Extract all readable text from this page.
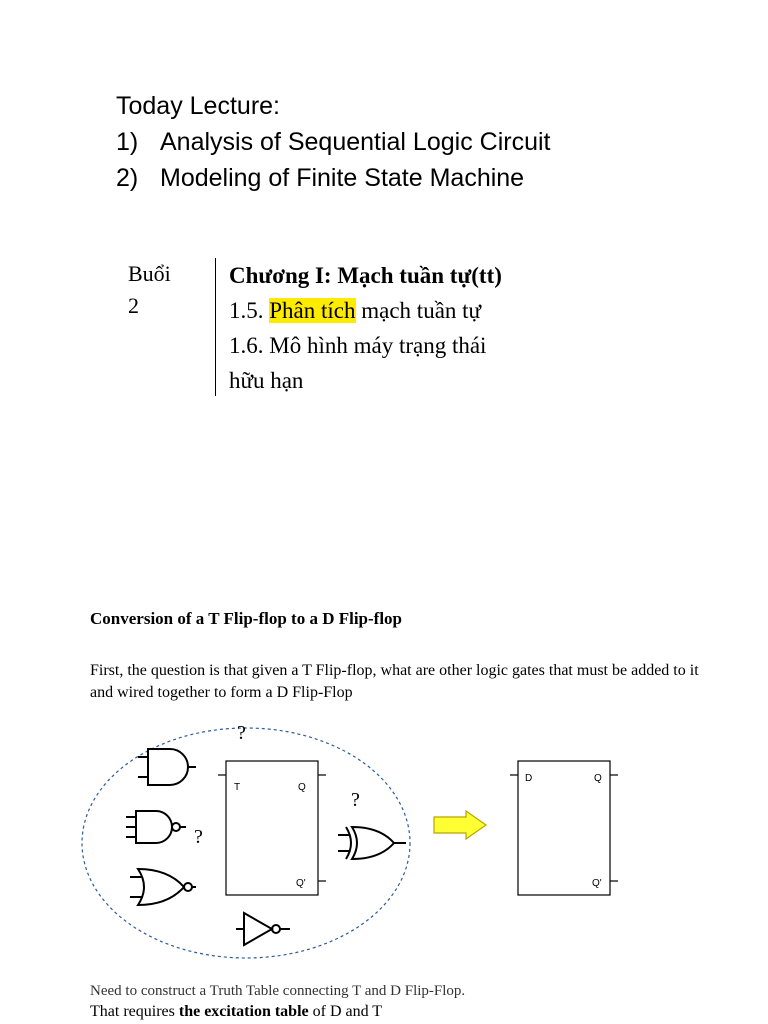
Today Lecture:
1) Analysis of Sequential Logic Circuit
2) Modeling of Finite State Machine
Buổi
2
Chương I: Mạch tuần tự(tt)
1.5. Phân tích mạch tuần tự
1.6. Mô hình máy trạng thái
hữu hạn
Conversion of a T Flip-flop to a D Flip-flop
First, the question is that given a T Flip-flop, what are other logic gates that must be added to it and wired together to form a D Flip-Flop
?
?
?
T	Q
Q'
D	Q
Q'
Need to construct a Truth Table connecting T and D Flip-Flop.
That requires the excitation table of D and T
